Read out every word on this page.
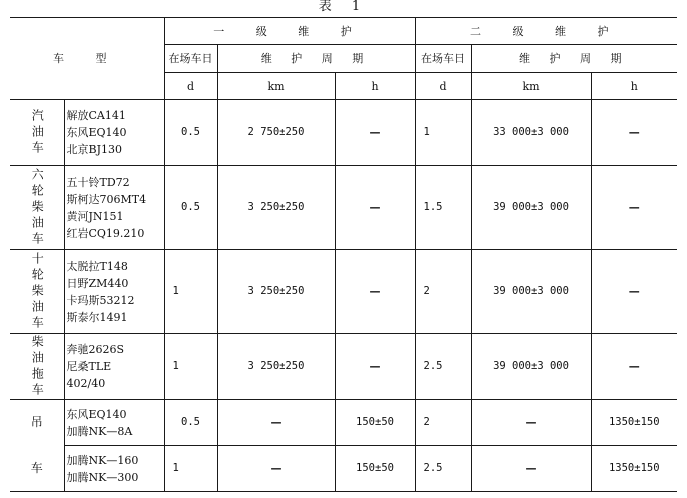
表 1
车 型		一 级 维 护			二 级 维 护		
		在场车日	维 护 周 期		在场车日	维 护 周 期	
		d	km	h	d	km	h

汽油车	解放CA141
东风EQ140
北京BJ130	0.5	2 750±250	—	1	33 000±3 000	—

六轮柴油车	五十铃TD72
斯柯达706MT4
黄河JN151
红岩CQ19.210	0.5	3 250±250	—	1.5	39 000±3 000	—

十轮柴油车	太脱拉T148
日野ZM440
卡玛斯53212
斯泰尔1491	1	3 250±250	—	2	39 000±3 000	—

柴油拖车	奔驰2626S
尼桑TLE
402/40	1	3 250±250	—	2.5	39 000±3 000	—
吊	东风EQ140
加腾NK—8A	0.5	—	150±50	2	—	1350±150
车	加腾NK—160
加腾NK—300	1	—	150±50	2.5	—	1350±150
